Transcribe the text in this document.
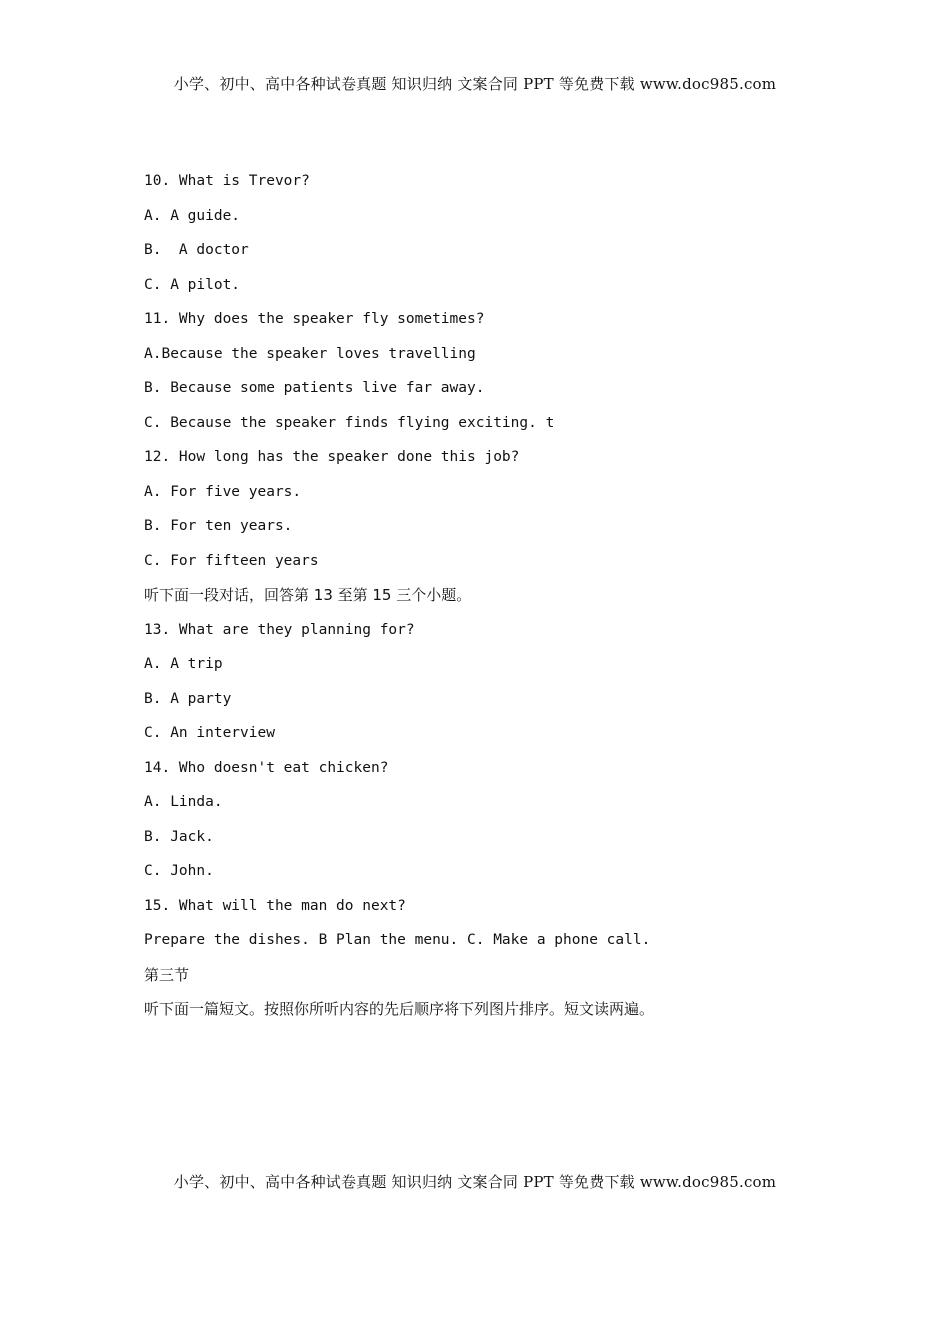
小学、初中、高中各种试卷真题 知识归纳 文案合同 PPT 等免费下载 www.doc985.com
10. What is Trevor?
A. A guide.
B.  A doctor
C. A pilot.
11. Why does the speaker fly sometimes?
A.Because the speaker loves travelling
B. Because some patients live far away.
C. Because the speaker finds flying exciting. t
12. How long has the speaker done this job?
A. For five years.
B. For ten years.
C. For fifteen years
听下面一段对话，回答第 13 至第 15 三个小题。
13. What are they planning for?
A. A trip
B. A party
C. An interview
14. Who doesn't eat chicken?
A. Linda.
B. Jack.
C. John.
15. What will the man do next?
Prepare the dishes. B Plan the menu. C. Make a phone call.
第三节
听下面一篇短文。按照你所听内容的先后顺序将下列图片排序。短文读两遍。
小学、初中、高中各种试卷真题 知识归纳 文案合同 PPT 等免费下载 www.doc985.com
